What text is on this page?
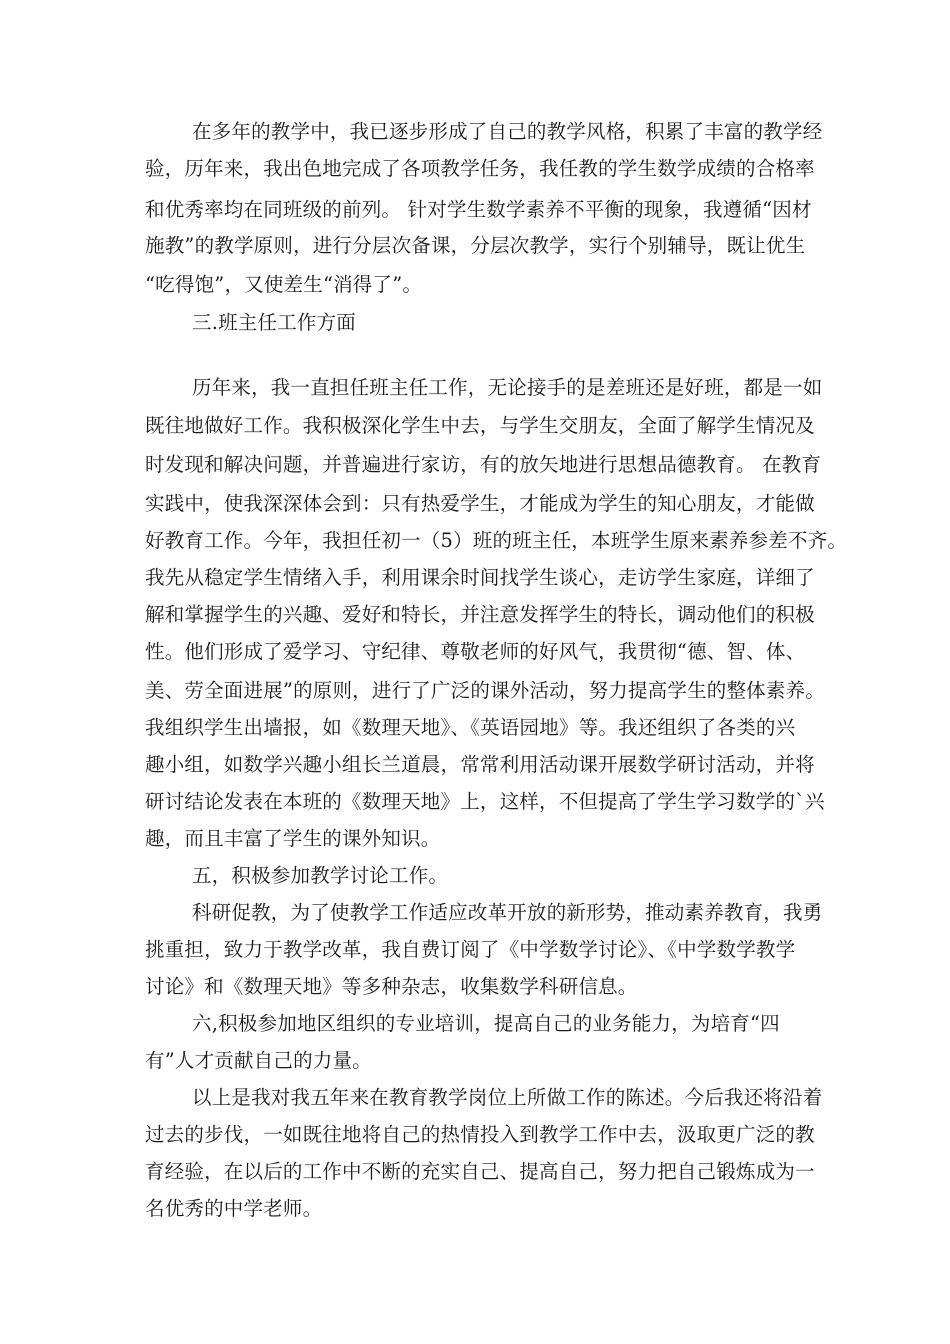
在多年的教学中，我已逐步形成了自己的教学风格，积累了丰富的教学经
验，历年来，我出色地完成了各项教学任务，我任教的学生数学成绩的合格率
和优秀率均在同班级的前列。 针对学生数学素养不平衡的现象，我遵循“因材
施教”的教学原则，进行分层次备课，分层次教学，实行个别辅导，既让优生
“吃得饱”，又使差生“消得了”。
三.班主任工作方面
历年来，我一直担任班主任工作，无论接手的是差班还是好班，都是一如
既往地做好工作。我积极深化学生中去，与学生交朋友，全面了解学生情况及
时发现和解决问题，并普遍进行家访，有的放矢地进行思想品德教育。 在教育
实践中，使我深深体会到：只有热爱学生，才能成为学生的知心朋友，才能做
好教育工作。今年，我担任初一（5）班的班主任，本班学生原来素养参差不齐。
我先从稳定学生情绪入手，利用课余时间找学生谈心，走访学生家庭，详细了
解和掌握学生的兴趣、爱好和特长，并注意发挥学生的特长，调动他们的积极
性。他们形成了爱学习、守纪律、尊敬老师的好风气，我贯彻“德、智、体、
美、劳全面进展”的原则，进行了广泛的课外活动，努力提高学生的整体素养。
我组织学生出墙报，如《数理天地》、《英语园地》等。我还组织了各类的兴
趣小组，如数学兴趣小组长兰道晨，常常利用活动课开展数学研讨活动，并将
研讨结论发表在本班的《数理天地》上，这样，不但提高了学生学习数学的`兴
趣，而且丰富了学生的课外知识。
五，积极参加教学讨论工作。
科研促教，为了使教学工作适应改革开放的新形势，推动素养教育，我勇
挑重担，致力于教学改革，我自费订阅了《中学数学讨论》、《中学数学教学
讨论》和《数理天地》等多种杂志，收集数学科研信息。
六,积极参加地区组织的专业培训，提高自己的业务能力，为培育“四
有”人才贡献自己的力量。
以上是我对我五年来在教育教学岗位上所做工作的陈述。今后我还将沿着
过去的步伐，一如既往地将自己的热情投入到教学工作中去，汲取更广泛的教
育经验，在以后的工作中不断的充实自己、提高自己，努力把自己锻炼成为一
名优秀的中学老师。
